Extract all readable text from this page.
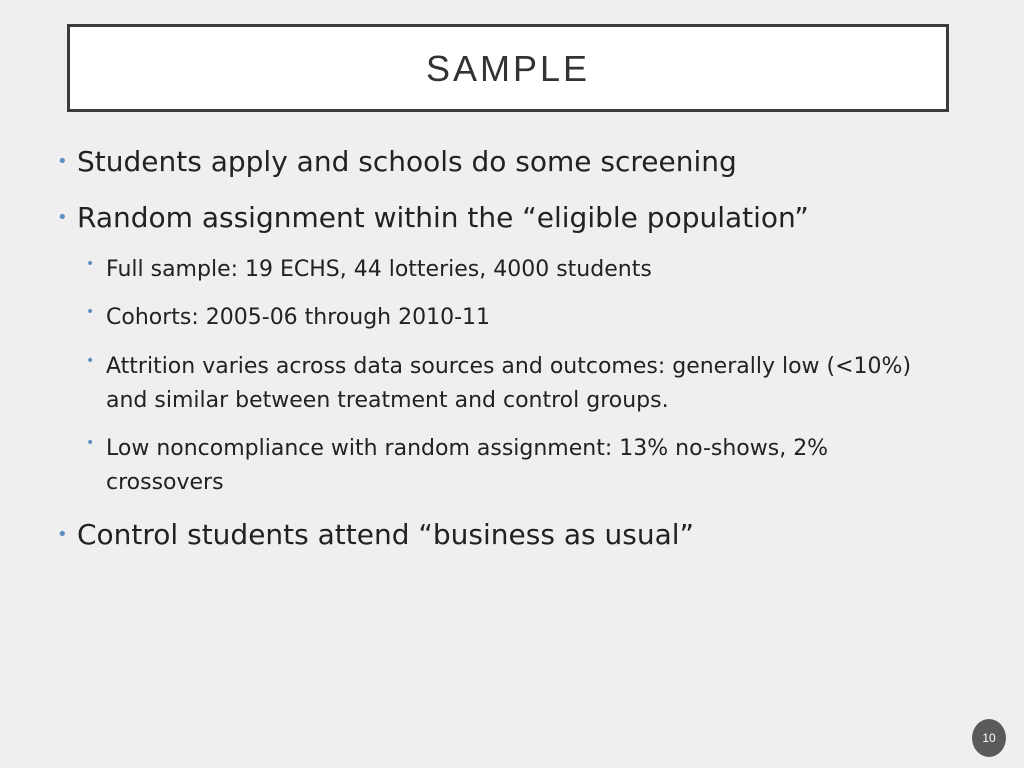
SAMPLE
• Students apply and schools do some screening
• Random assignment within the “eligible population”
• Full sample: 19 ECHS, 44 lotteries, 4000 students
• Cohorts: 2005-06 through 2010-11
• Attrition varies across data sources and outcomes: generally low (<10%)
and similar between treatment and control groups.
• Low noncompliance with random assignment: 13% no-shows, 2%
crossovers
• Control students attend “business as usual”
10
